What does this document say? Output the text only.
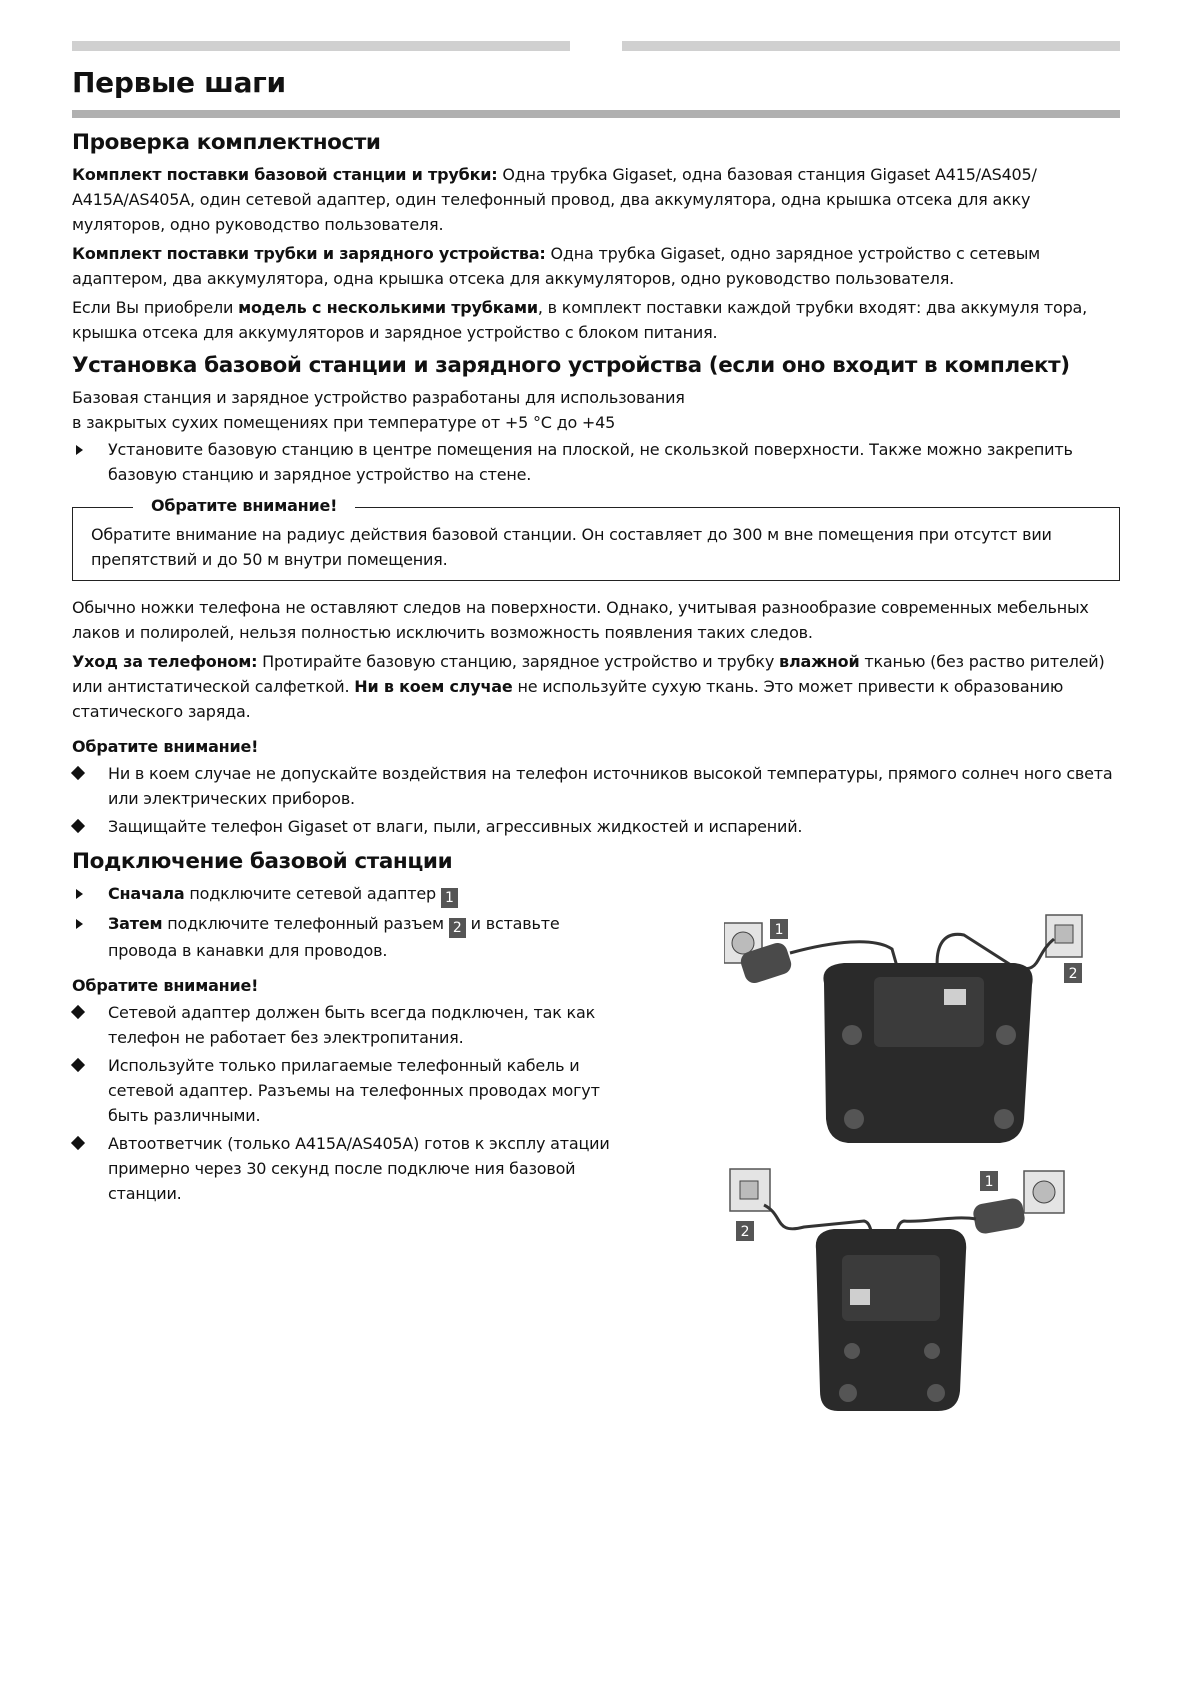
Первые шаги
Проверка комплектности

Комплект поставки базовой станции и трубки: Одна трубка Gigaset, одна базовая станция Gigaset A415/AS405/ A415A/AS405A, один сетевой адаптер, один телефонный провод, два аккумулятора, одна крышка отсека для акку муляторов, одно руководство пользователя.

Комплект поставки трубки и зарядного устройства: Одна трубка Gigaset, одно зарядное устройство с сетевым адаптером, два аккумулятора, одна крышка отсека для аккумуляторов, одно руководство пользователя.

Если Вы приобрели модель с несколькими трубками, в комплект поставки каждой трубки входят: два аккумуля тора, крышка отсека для аккумуляторов и зарядное устройство с блоком питания.

Установка базовой станции и зарядного устройства (если оно входит в комплект)

Базовая станция и зарядное устройство разработаны для использования
в закрытых сухих помещениях при температуре от +5 °C до +45

Установите базовую станцию в центре помещения на плоской, не скользкой поверхности. Также можно закрепить базовую станцию и зарядное устройство на стене.
Обратите внимание!
Обратите внимание на радиус действия базовой станции. Он составляет до 300 м вне помещения при отсутст вии препятствий и до 50 м внутри помещения.

Обычно ножки телефона не оставляют следов на поверхности. Однако, учитывая разнообразие современных мебельных лаков и полиролей, нельзя полностью исключить возможность появления таких следов.

Уход за телефоном: Протирайте базовую станцию, зарядное устройство и трубку влажной тканью (без раство рителей) или антистатической салфеткой. Ни в коем случае не используйте сухую ткань. Это может привести к образованию статического заряда.

Обратите внимание!
Ни в коем случае не допускайте воздействия на телефон источников высокой температуры, прямого солнеч ного света или электрических приборов.
Защищайте телефон Gigaset от влаги, пыли, агрессивных жидкостей и испарений.
Подключение базовой станции
Сначала подключите сетевой адаптер 1
Затем подключите телефонный разъем 2 и вставьте провода в канавки для проводов.
Обратите внимание!
Сетевой адаптер должен быть всегда подключен, так как телефон не работает без электропитания.
Используйте только прилагаемые телефонный кабель и сетевой адаптер. Разъемы на телефонных проводах могут быть различными.
Автоответчик (только A415A/AS405A) готов к эксплу атации примерно через 30 секунд после подключе ния базовой станции.
1
2
2
1
